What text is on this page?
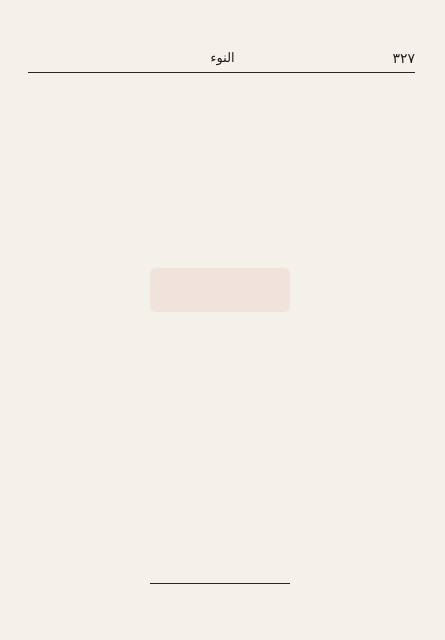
٣٢٧
النوء
